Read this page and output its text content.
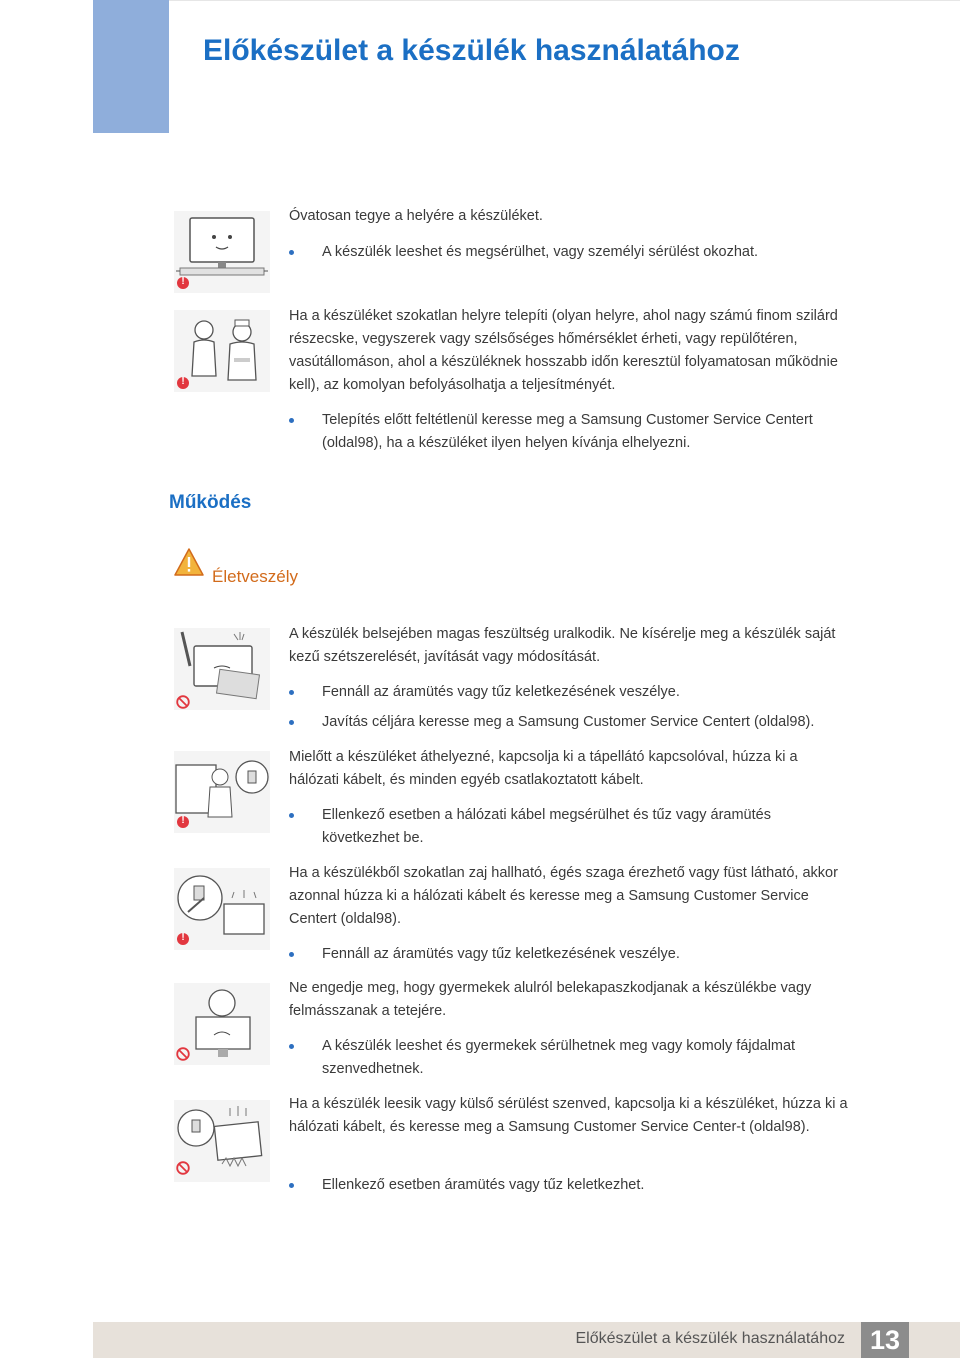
Előkészület a készülék használatához
!
Óvatosan tegye a helyére a készüléket.
A készülék leeshet és megsérülhet, vagy személyi sérülést okozhat.
!
Ha a készüléket szokatlan helyre telepíti (olyan helyre, ahol nagy számú finom szilárd részecske, vegyszerek vagy szélsőséges hőmérséklet érheti, vagy repülőtéren, vasútállomáson, ahol a készüléknek hosszabb időn keresztül folyamatosan működnie kell), az komolyan befolyásolhatja a teljesítményét.
Telepítés előtt feltétlenül keresse meg a Samsung Customer Service Centert (oldal98), ha a készüléket ilyen helyen kívánja elhelyezni.
Működés
Életveszély
A készülék belsejében magas feszültség uralkodik. Ne kísérelje meg a készülék saját kezű szétszerelését, javítását vagy módosítását.
Fennáll az áramütés vagy tűz keletkezésének veszélye.
Javítás céljára keresse meg a Samsung Customer Service Centert (oldal98).
!
Mielőtt a készüléket áthelyezné, kapcsolja ki a tápellátó kapcsolóval, húzza ki a hálózati kábelt, és minden egyéb csatlakoztatott kábelt.
Ellenkező esetben a hálózati kábel megsérülhet és tűz vagy áramütés következhet be.
!
Ha a készülékből szokatlan zaj hallható, égés szaga érezhető vagy füst látható, akkor azonnal húzza ki a hálózati kábelt és keresse meg a Samsung Customer Service Centert (oldal98).
Fennáll az áramütés vagy tűz keletkezésének veszélye.
Ne engedje meg, hogy gyermekek alulról belekapaszkodjanak a készülékbe vagy felmásszanak a tetejére.
A készülék leeshet és gyermekek sérülhetnek meg vagy komoly fájdalmat szenvedhetnek.
Ha a készülék leesik vagy külső sérülést szenved, kapcsolja ki a készüléket, húzza ki a hálózati kábelt, és keresse meg a Samsung Customer Service Center-t (oldal98).
Ellenkező esetben áramütés vagy tűz keletkezhet.
Előkészület a készülék használatához 13
